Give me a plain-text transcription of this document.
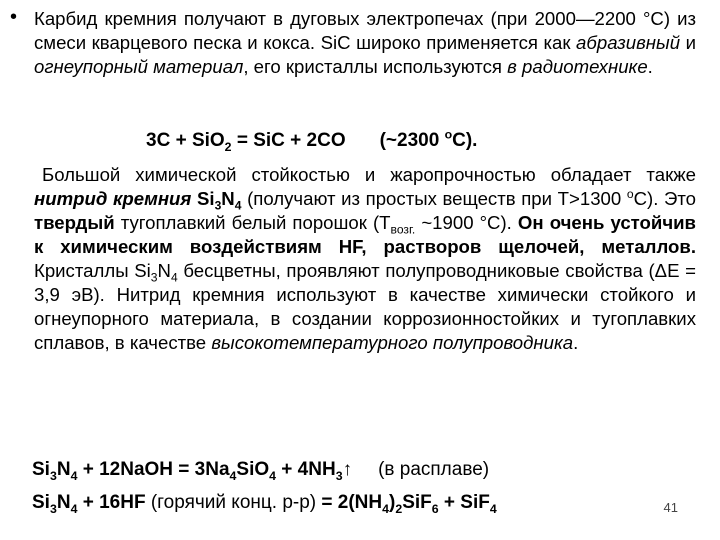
• Карбид кремния получают в дуговых электропечах (при 2000—2200 °С) из смеси кварцевого песка и кокса. SiC широко применяется как абразивный и огнеупорный материал, его кристаллы используются в радиотехнике.
3C + SiO$_2$ = SiC + 2CO (~2300 $^о$С).
Большой химической стойкостью и жаропрочностью обладает также нитрид кремния $Si_3N_4$ (получают из простых веществ при Т>1300 $^о$С). Это твердый тугоплавкий белый порошок ($Т_{возг.}$ ~1900 °С). Он очень устойчив к химическим воздействиям HF, растворов щелочей, металлов. Кристаллы $Si_3N_4$ бесцветны, проявляют полупроводниковые свойства (ΔЕ = 3,9 эВ). Нитрид кремния используют в качестве химически стойкого и огнеупорного материала, в создании коррозионностойких и тугоплавких сплавов, в качестве высокотемпературного полупроводника.
$Si_3N_4$ + 12NaOH = $3Na_4SiO_4$ + $4NH_3↑$ (в расплаве)
$Si_3N_4 + 16HF$ (горячий конц. $р-р) = 2(NH_4)_2SiF_6 + SiF_4$	41
